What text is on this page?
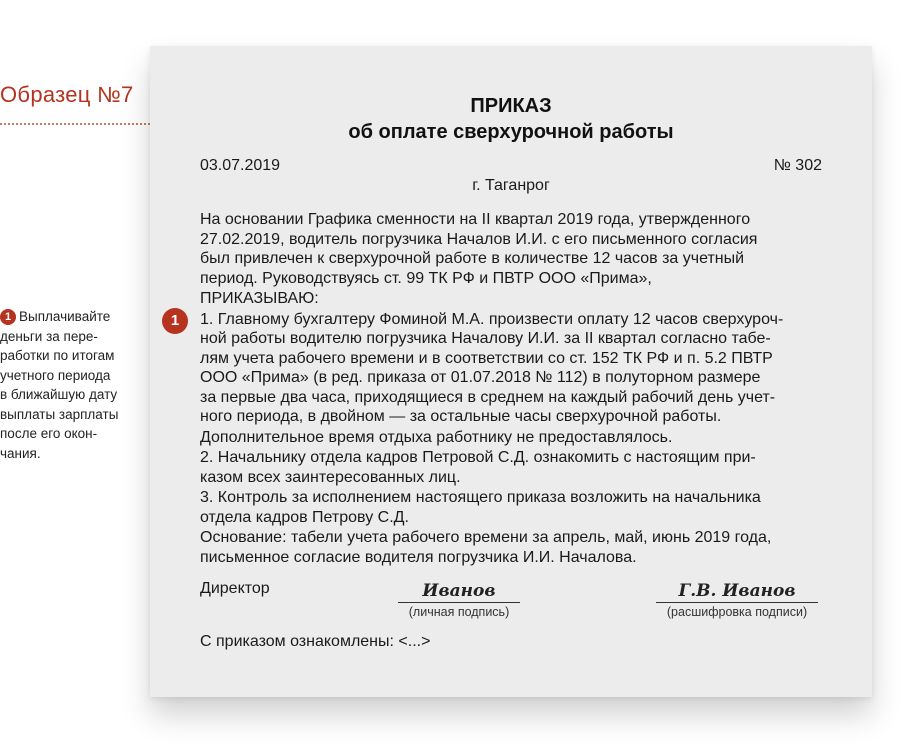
Образец №7
1 Выплачивайте
деньги за пере-
работки по итогам
учетного периода
в ближайшую дату
выплаты зарплаты
после его окон-
чания.
ПРИКАЗ
об оплате сверхурочной работы
03.07.2019	№ 302
г. Таганрог
На основании Графика сменности на II квартал 2019 года, утвержденного
27.02.2019, водитель погрузчика Началов И.И. с его письменного согласия
был привлечен к сверхурочной работе в количестве 12 часов за учетный
период. Руководствуясь ст. 99 ТК РФ и ПВТР ООО «Прима»,
ПРИКАЗЫВАЮ:
1. Главному бухгалтеру Фоминой М.А. произвести оплату 12 часов сверхуроч-
ной работы водителю погрузчика Началову И.И. за II квартал согласно табе-
лям учета рабочего времени и в соответствии со ст. 152 ТК РФ и п. 5.2 ПВТР
ООО «Прима» (в ред. приказа от 01.07.2018 № 112) в полуторном размере
за первые два часа, приходящиеся в среднем на каждый рабочий день учет-
ного периода, в двойном — за остальные часы сверхурочной работы.
Дополнительное время отдыха работнику не предоставлялось.
2. Начальнику отдела кадров Петровой С.Д. ознакомить с настоящим при-
казом всех заинтересованных лиц.
3. Контроль за исполнением настоящего приказа возложить на начальника
отдела кадров Петрову С.Д.
Основание: табели учета рабочего времени за апрель, май, июнь 2019 года,
письменное согласие водителя погрузчика И.И. Началова.
1
Директор	Иванов
(личная подпись)
Г.В. Иванов
(расшифровка подписи)
С приказом ознакомлены: <...>
